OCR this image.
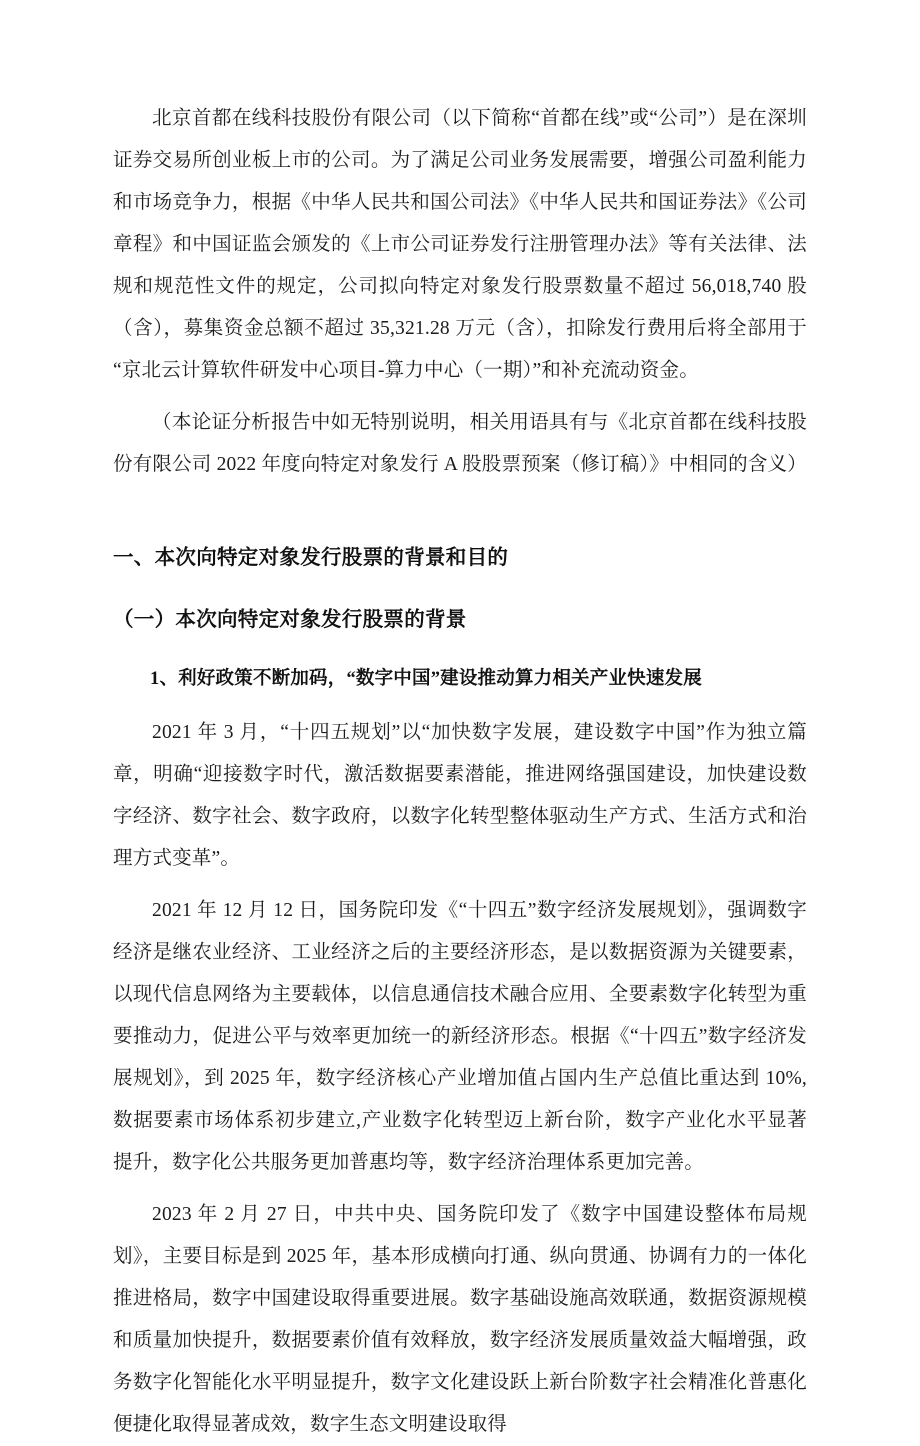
北京首都在线科技股份有限公司（以下简称“首都在线”或“公司”）是在深圳证券交易所创业板上市的公司。为了满足公司业务发展需要，增强公司盈利能力和市场竞争力，根据《中华人民共和国公司法》《中华人民共和国证券法》《公司章程》和中国证监会颁发的《上市公司证券发行注册管理办法》等有关法律、法规和规范性文件的规定，公司拟向特定对象发行股票数量不超过 56,018,740 股（含），募集资金总额不超过 35,321.28 万元（含），扣除发行费用后将全部用于“京北云计算软件研发中心项目-算力中心（一期）”和补充流动资金。

（本论证分析报告中如无特别说明，相关用语具有与《北京首都在线科技股份有限公司 2022 年度向特定对象发行 A 股股票预案（修订稿）》中相同的含义）

一、本次向特定对象发行股票的背景和目的
（一）本次向特定对象发行股票的背景
1、利好政策不断加码，“数字中国”建设推动算力相关产业快速发展

2021 年 3 月，“十四五规划”以“加快数字发展，建设数字中国”作为独立篇章，明确“迎接数字时代，激活数据要素潜能，推进网络强国建设，加快建设数字经济、数字社会、数字政府，以数字化转型整体驱动生产方式、生活方式和治理方式变革”。

2021 年 12 月 12 日，国务院印发《“十四五”数字经济发展规划》，强调数字经济是继农业经济、工业经济之后的主要经济形态，是以数据资源为关键要素，以现代信息网络为主要载体，以信息通信技术融合应用、全要素数字化转型为重要推动力，促进公平与效率更加统一的新经济形态。根据《“十四五”数字经济发展规划》，到 2025 年，数字经济核心产业增加值占国内生产总值比重达到 10%,数据要素市场体系初步建立,产业数字化转型迈上新台阶，数字产业化水平显著提升，数字化公共服务更加普惠均等，数字经济治理体系更加完善。

2023 年 2 月 27 日，中共中央、国务院印发了《数字中国建设整体布局规划》，主要目标是到 2025 年，基本形成横向打通、纵向贯通、协调有力的一体化推进格局，数字中国建设取得重要进展。数字基础设施高效联通，数据资源规模和质量加快提升，数据要素价值有效释放，数字经济发展质量效益大幅增强，政务数字化智能化水平明显提升，数字文化建设跃上新台阶数字社会精准化普惠化便捷化取得显著成效，数字生态文明建设取得
